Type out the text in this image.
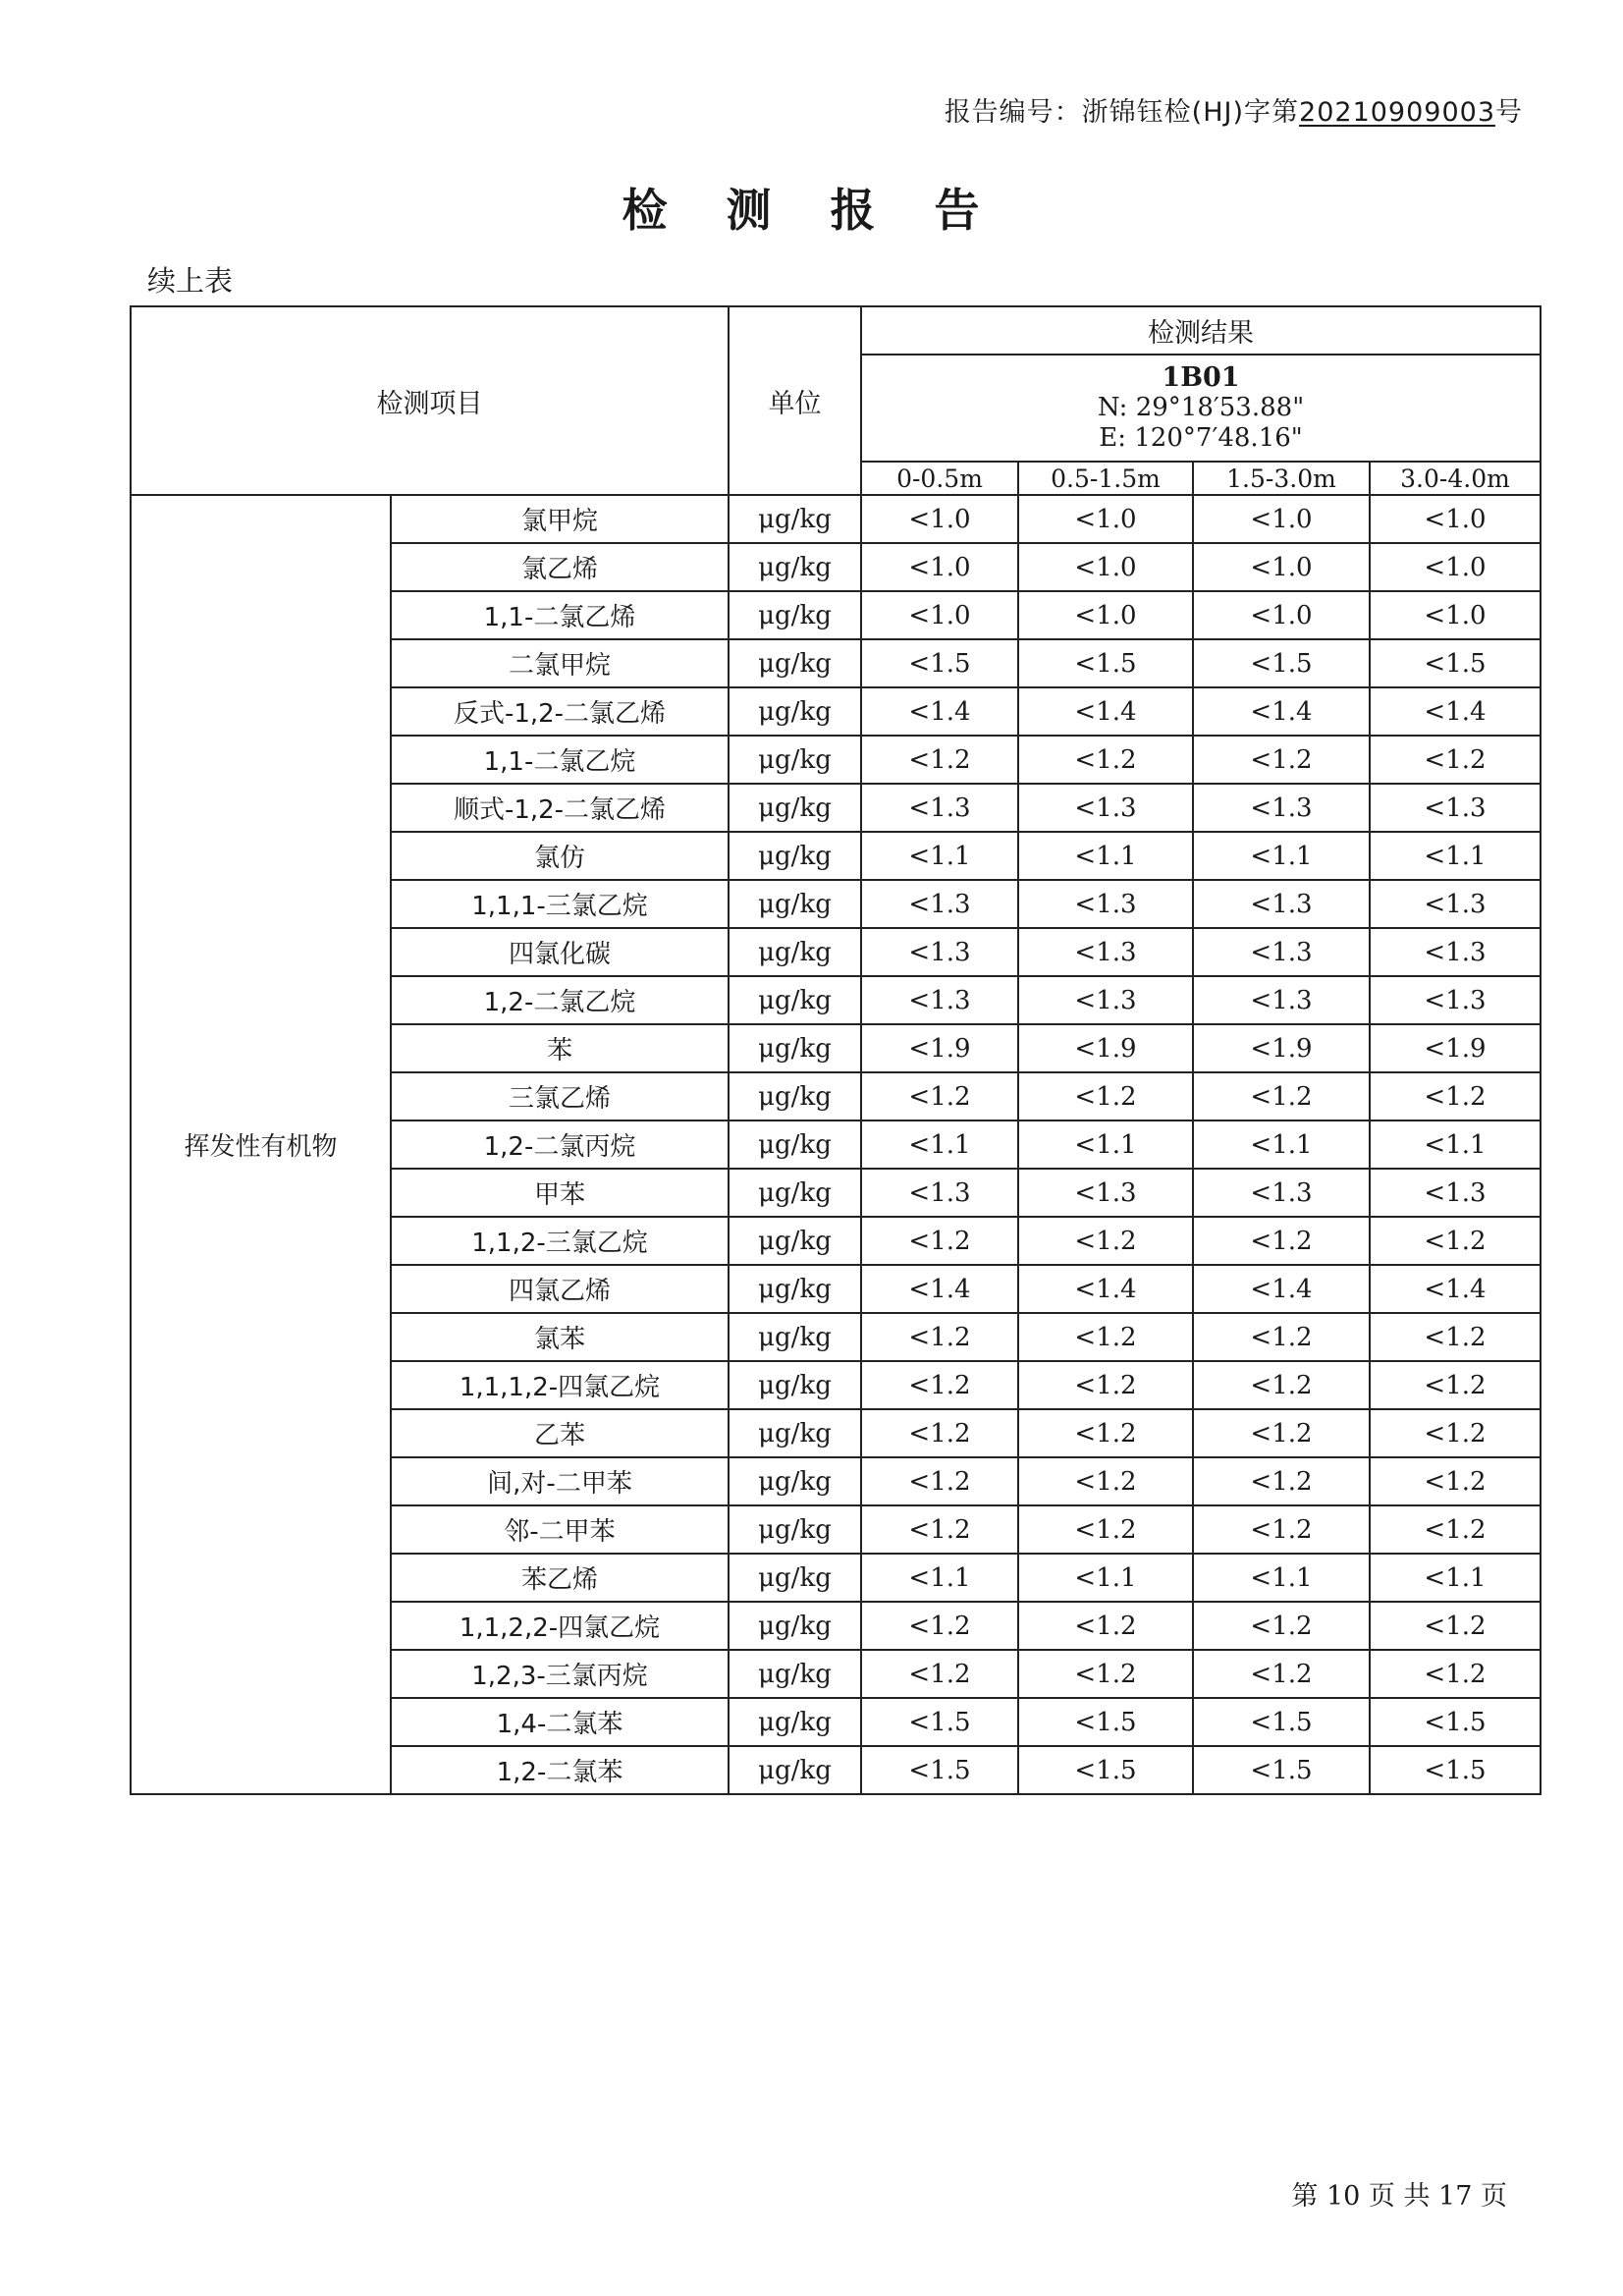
报告编号：浙锦钰检(HJ)字第20210909003号
检 测 报 告
续上表
检测项目		单位	检测结果			

			1B01
N: 29°18′53.88"
E: 120°7′48.16"			

			0-0.5m	0.5-1.5m	1.5-3.0m	3.0-4.0m
挥发性有机物	氯甲烷	μg/kg	<1.0	<1.0	<1.0	<1.0
	氯乙烯	μg/kg	<1.0	<1.0	<1.0	<1.0
	1,1-二氯乙烯	μg/kg	<1.0	<1.0	<1.0	<1.0
	二氯甲烷	μg/kg	<1.5	<1.5	<1.5	<1.5
	反式-1,2-二氯乙烯	μg/kg	<1.4	<1.4	<1.4	<1.4
	1,1-二氯乙烷	μg/kg	<1.2	<1.2	<1.2	<1.2
	顺式-1,2-二氯乙烯	μg/kg	<1.3	<1.3	<1.3	<1.3
	氯仿	μg/kg	<1.1	<1.1	<1.1	<1.1
	1,1,1-三氯乙烷	μg/kg	<1.3	<1.3	<1.3	<1.3
	四氯化碳	μg/kg	<1.3	<1.3	<1.3	<1.3
	1,2-二氯乙烷	μg/kg	<1.3	<1.3	<1.3	<1.3
	苯	μg/kg	<1.9	<1.9	<1.9	<1.9
	三氯乙烯	μg/kg	<1.2	<1.2	<1.2	<1.2
	1,2-二氯丙烷	μg/kg	<1.1	<1.1	<1.1	<1.1
	甲苯	μg/kg	<1.3	<1.3	<1.3	<1.3
	1,1,2-三氯乙烷	μg/kg	<1.2	<1.2	<1.2	<1.2
	四氯乙烯	μg/kg	<1.4	<1.4	<1.4	<1.4
	氯苯	μg/kg	<1.2	<1.2	<1.2	<1.2
	1,1,1,2-四氯乙烷	μg/kg	<1.2	<1.2	<1.2	<1.2
	乙苯	μg/kg	<1.2	<1.2	<1.2	<1.2
	间,对-二甲苯	μg/kg	<1.2	<1.2	<1.2	<1.2
	邻-二甲苯	μg/kg	<1.2	<1.2	<1.2	<1.2
	苯乙烯	μg/kg	<1.1	<1.1	<1.1	<1.1
	1,1,2,2-四氯乙烷	μg/kg	<1.2	<1.2	<1.2	<1.2
	1,2,3-三氯丙烷	μg/kg	<1.2	<1.2	<1.2	<1.2
	1,4-二氯苯	μg/kg	<1.5	<1.5	<1.5	<1.5
	1,2-二氯苯	μg/kg	<1.5	<1.5	<1.5	<1.5
第 10 页 共 17 页
